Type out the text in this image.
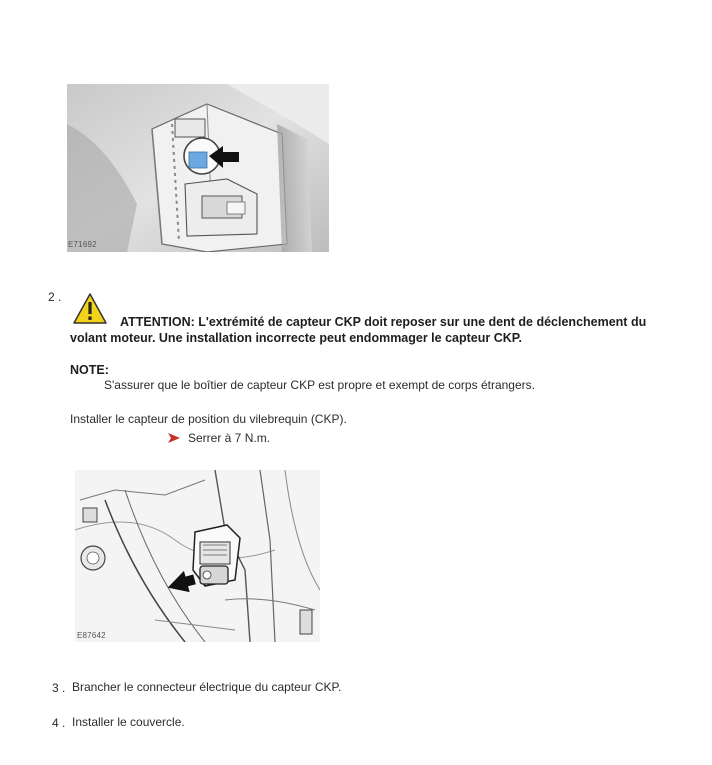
E71692
2 .
ATTENTION: L'extrémité de capteur CKP doit reposer sur une dent de déclenchement du
volant moteur. Une installation incorrecte peut endommager le capteur CKP.
NOTE:
S'assurer que le boîtier de capteur CKP est propre et exempt de corps étrangers.
Installer le capteur de position du vilebrequin (CKP).
Serrer à 7 N.m.
E87642
3 . Brancher le connecteur électrique du capteur CKP.
4 . Installer le couvercle.
